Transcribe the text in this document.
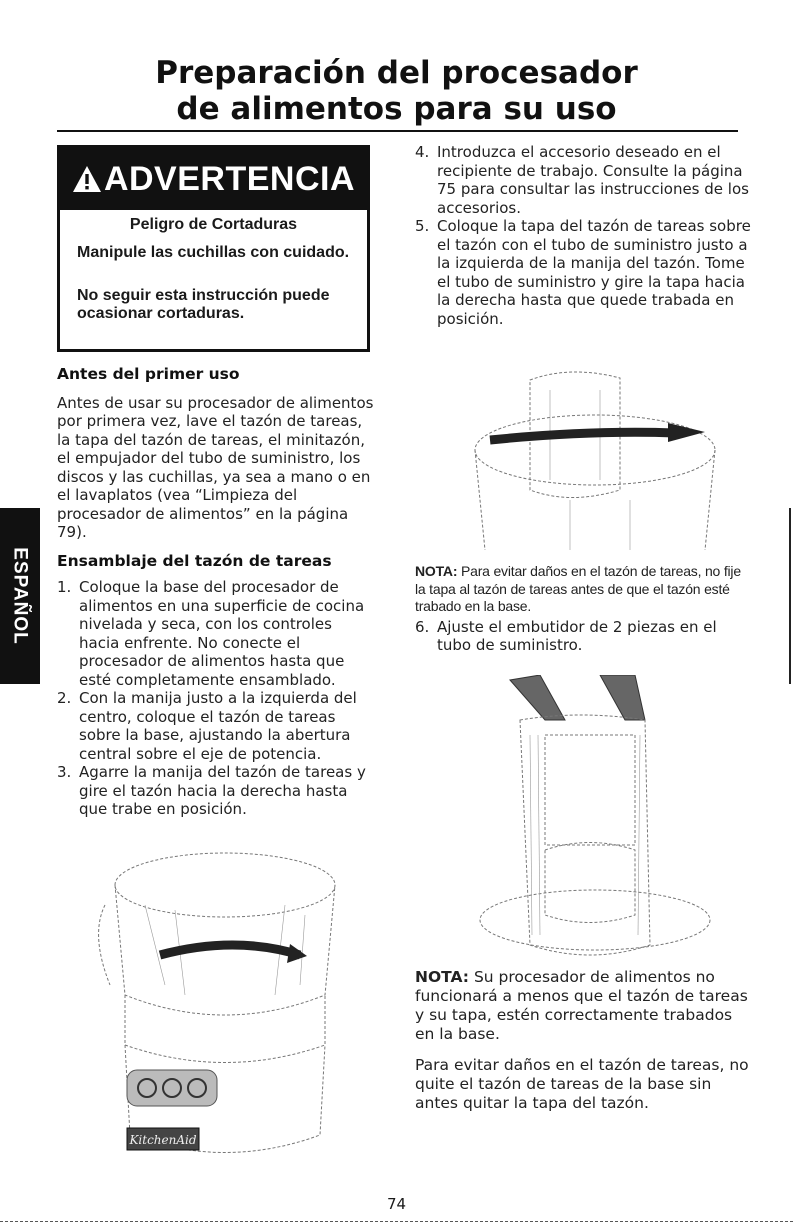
Preparación del procesador
de alimentos para su uso
ADVERTENCIA
Peligro de Cortaduras
Manipule las cuchillas con cuidado.
No seguir esta instrucción puede ocasionar cortaduras.

Antes del primer uso

Antes de usar su procesador de alimentos por primera vez, lave el tazón de tareas, la tapa del tazón de tareas, el minitazón, el empujador del tubo de suministro, los discos y las cuchillas, ya sea a mano o en el lavaplatos (vea “Limpieza del procesador de alimentos” en la página 79).

Ensamblaje del tazón de tareas

1. Coloque la base del procesador de alimentos en una superficie de cocina nivelada y seca, con los controles hacia enfrente. No conecte el procesador de alimentos hasta que esté completamente ensamblado.
2. Con la manija justo a la izquierda del centro, coloque el tazón de tareas sobre la base, ajustando la abertura central sobre el eje de potencia.
3. Agarre la manija del tazón de tareas y gire el tazón hacia la derecha hasta que trabe en posición.
ESPAÑOL
KitchenAid
4. Introduzca el accesorio deseado en el recipiente de trabajo. Consulte la página 75 para consultar las instrucciones de los accesorios.
5. Coloque la tapa del tazón de tareas sobre el tazón con el tubo de suministro justo a la izquierda de la manija del tazón. Tome el tubo de suministro y gire la tapa hacia la derecha hasta que quede trabada en posición.

NOTA: Para evitar daños en el tazón de tareas, no fije la tapa al tazón de tareas antes de que el tazón esté trabado en la base.

6. Ajuste el embutidor de 2 piezas en el tubo de suministro.

NOTA: Su procesador de alimentos no funcionará a menos que el tazón de tareas y su tapa, estén correctamente trabados en la base.

Para evitar daños en el tazón de tareas, no quite el tazón de tareas de la base sin antes quitar la tapa del tazón.

74
